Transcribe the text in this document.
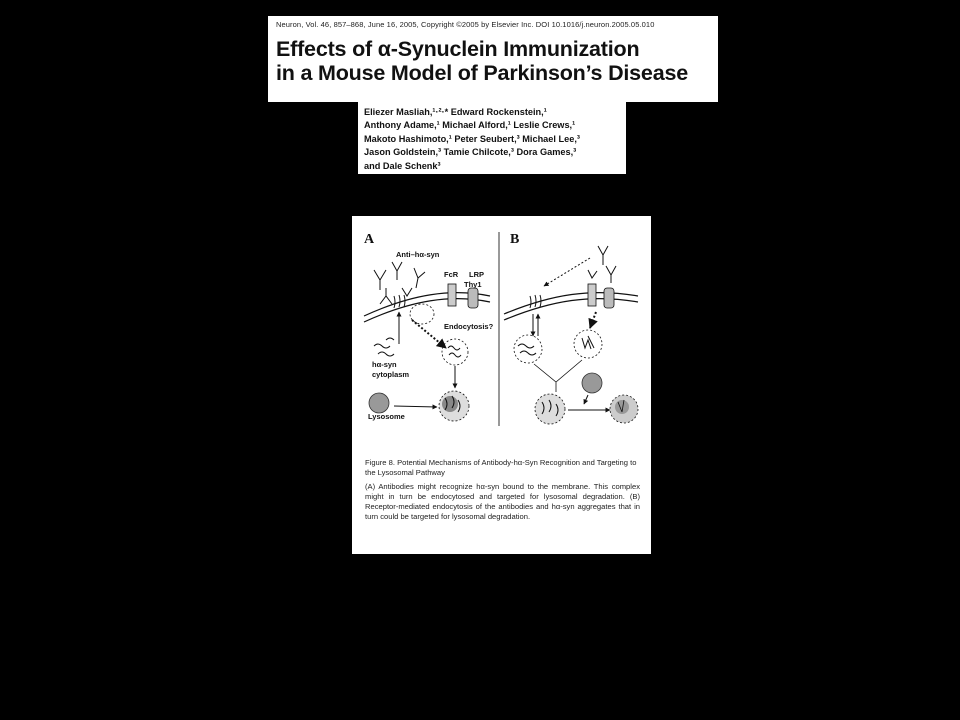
Neuron, Vol. 46, 857–868, June 16, 2005, Copyright ©2005 by Elsevier Inc. DOI 10.1016/j.neuron.2005.05.010
Effects of α-Synuclein Immunization
in a Mouse Model of Parkinson’s Disease
Eliezer Masliah,¹·²·* Edward Rockenstein,¹
Anthony Adame,¹ Michael Alford,¹ Leslie Crews,¹
Makoto Hashimoto,¹ Peter Seubert,³ Michael Lee,³
Jason Goldstein,³ Tamie Chilcote,³ Dora Games,³
and Dale Schenk³
A	B
Anti–hα-syn
FcR LRP
Thy1
Endocytosis?
hα-syn
cytoplasm
Lysosome

Figure 8. Potential Mechanisms of Antibody-hα-Syn Recognition and Targeting to the Lysosomal Pathway

(A) Antibodies might recognize hα-syn bound to the membrane. This complex might in turn be endocytosed and targeted for lysosomal degradation. (B) Receptor-mediated endocytosis of the antibodies and hα-syn aggregates that in turn could be targeted for lysosomal degradation.
